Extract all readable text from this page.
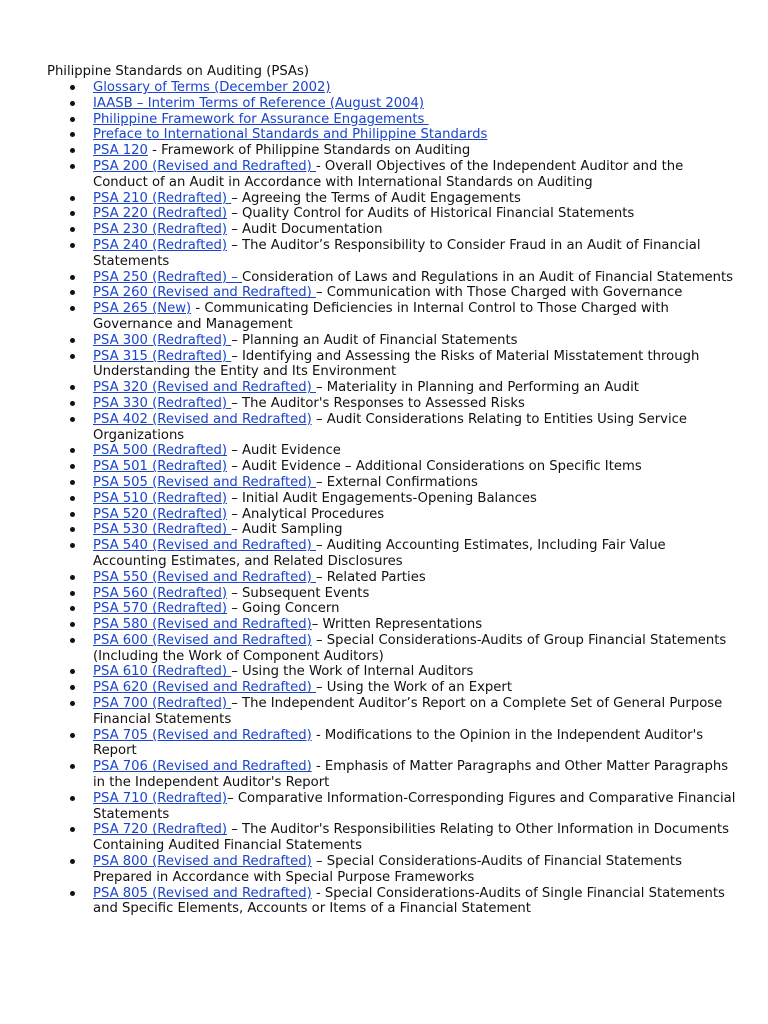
Philippine Standards on Auditing (PSAs)
Glossary of Terms (December 2002)
IAASB – Interim Terms of Reference (August 2004)
Philippine Framework for Assurance Engagements
Preface to International Standards and Philippine Standards
PSA 120 - Framework of Philippine Standards on Auditing
PSA 200 (Revised and Redrafted) - Overall Objectives of the Independent Auditor and the Conduct of an Audit in Accordance with International Standards on Auditing
PSA 210 (Redrafted) – Agreeing the Terms of Audit Engagements
PSA 220 (Redrafted) – Quality Control for Audits of Historical Financial Statements
PSA 230 (Redrafted) – Audit Documentation
PSA 240 (Redrafted) – The Auditor’s Responsibility to Consider Fraud in an Audit of Financial Statements
PSA 250 (Redrafted) – Consideration of Laws and Regulations in an Audit of Financial Statements
PSA 260 (Revised and Redrafted) – Communication with Those Charged with Governance
PSA 265 (New) - Communicating Deficiencies in Internal Control to Those Charged with Governance and Management
PSA 300 (Redrafted) – Planning an Audit of Financial Statements
PSA 315 (Redrafted) – Identifying and Assessing the Risks of Material Misstatement through Understanding the Entity and Its Environment
PSA 320 (Revised and Redrafted) – Materiality in Planning and Performing an Audit
PSA 330 (Redrafted) – The Auditor's Responses to Assessed Risks
PSA 402 (Revised and Redrafted) – Audit Considerations Relating to Entities Using Service Organizations
PSA 500 (Redrafted) – Audit Evidence
PSA 501 (Redrafted) – Audit Evidence – Additional Considerations on Specific Items
PSA 505 (Revised and Redrafted) – External Confirmations
PSA 510 (Redrafted) – Initial Audit Engagements-Opening Balances
PSA 520 (Redrafted) – Analytical Procedures
PSA 530 (Redrafted) – Audit Sampling
PSA 540 (Revised and Redrafted) – Auditing Accounting Estimates, Including Fair Value Accounting Estimates, and Related Disclosures
PSA 550 (Revised and Redrafted) – Related Parties
PSA 560 (Redrafted) – Subsequent Events
PSA 570 (Redrafted) – Going Concern
PSA 580 (Revised and Redrafted)– Written Representations
PSA 600 (Revised and Redrafted) – Special Considerations-Audits of Group Financial Statements (Including the Work of Component Auditors)
PSA 610 (Redrafted) – Using the Work of Internal Auditors
PSA 620 (Revised and Redrafted) – Using the Work of an Expert
PSA 700 (Redrafted) – The Independent Auditor’s Report on a Complete Set of General Purpose Financial Statements
PSA 705 (Revised and Redrafted) - Modifications to the Opinion in the Independent Auditor's Report
PSA 706 (Revised and Redrafted) - Emphasis of Matter Paragraphs and Other Matter Paragraphs in the Independent Auditor's Report
PSA 710 (Redrafted)– Comparative Information-Corresponding Figures and Comparative Financial Statements
PSA 720 (Redrafted) – The Auditor's Responsibilities Relating to Other Information in Documents Containing Audited Financial Statements
PSA 800 (Revised and Redrafted) – Special Considerations-Audits of Financial Statements Prepared in Accordance with Special Purpose Frameworks
PSA 805 (Revised and Redrafted) - Special Considerations-Audits of Single Financial Statements and Specific Elements, Accounts or Items of a Financial Statement
